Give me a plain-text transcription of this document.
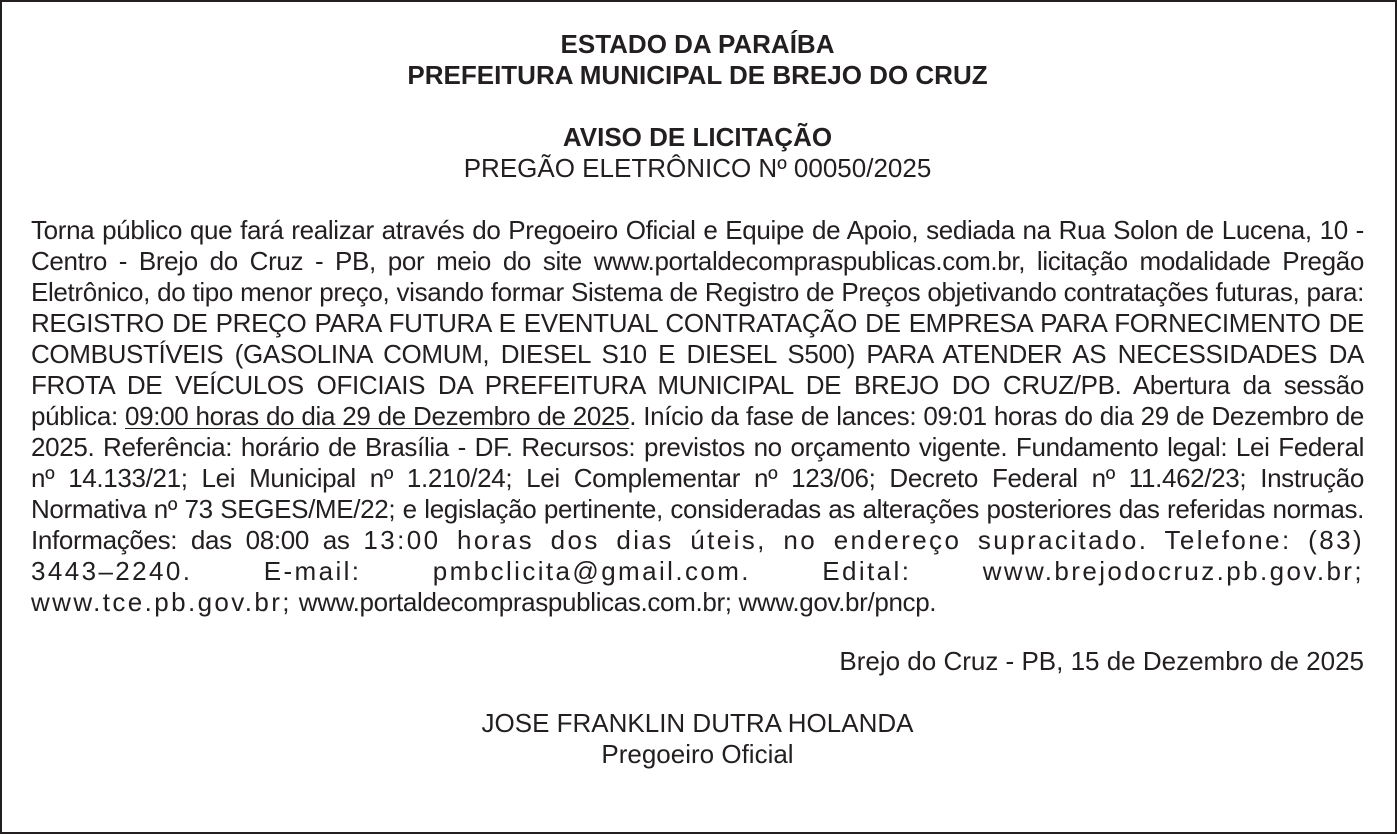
ESTADO DA PARAÍBA
PREFEITURA MUNICIPAL DE BREJO DO CRUZ
AVISO DE LICITAÇÃO
PREGÃO ELETRÔNICO Nº 00050/2025

Torna público que fará realizar através do Pregoeiro Oficial e Equipe de Apoio, sediada na Rua Solon de Lucena, 10 - Centro - Brejo do Cruz - PB, por meio do site www.portaldecompraspublicas.com.br, licitação modalidade Pregão Eletrônico, do tipo menor preço, visando formar Sistema de Registro de Preços objetivando contratações futuras, para: REGISTRO DE PREÇO PARA FUTURA E EVENTUAL CONTRATAÇÃO DE EMPRESA PARA FORNECIMENTO DE COMBUSTÍVEIS (GASOLINA COMUM, DIESEL S10 E DIESEL S500) PARA ATENDER AS NECESSIDADES DA FROTA DE VEÍCULOS OFICIAIS DA PREFEITURA MUNICIPAL DE BREJO DO CRUZ/PB. Abertura da sessão pública: 09:00 horas do dia 29 de Dezembro de 2025. Início da fase de lances: 09:01 horas do dia 29 de Dezembro de 2025. Referência: horário de Brasília - DF. Recursos: previstos no orçamento vigente. Fundamento legal: Lei Federal nº 14.133/21; Lei Municipal nº 1.210/24; Lei Complementar nº 123/06; Decreto Federal nº 11.462/23; Instrução Normativa nº 73 SEGES/ME/22; e legislação pertinente, consideradas as alterações posteriores das referidas normas. Informações: das 08:00 as 13:00 horas dos dias úteis, no endereço supracitado. Telefone: (83) 3443–2240. E-mail: pmbclicita@gmail.com. Edital: www.brejodocruz.pb.gov.br; www.tce.pb.gov.br; www.portaldecompraspublicas.com.br; www.gov.br/pncp.

Brejo do Cruz - PB, 15 de Dezembro de 2025
JOSE FRANKLIN DUTRA HOLANDA
Pregoeiro Oficial
